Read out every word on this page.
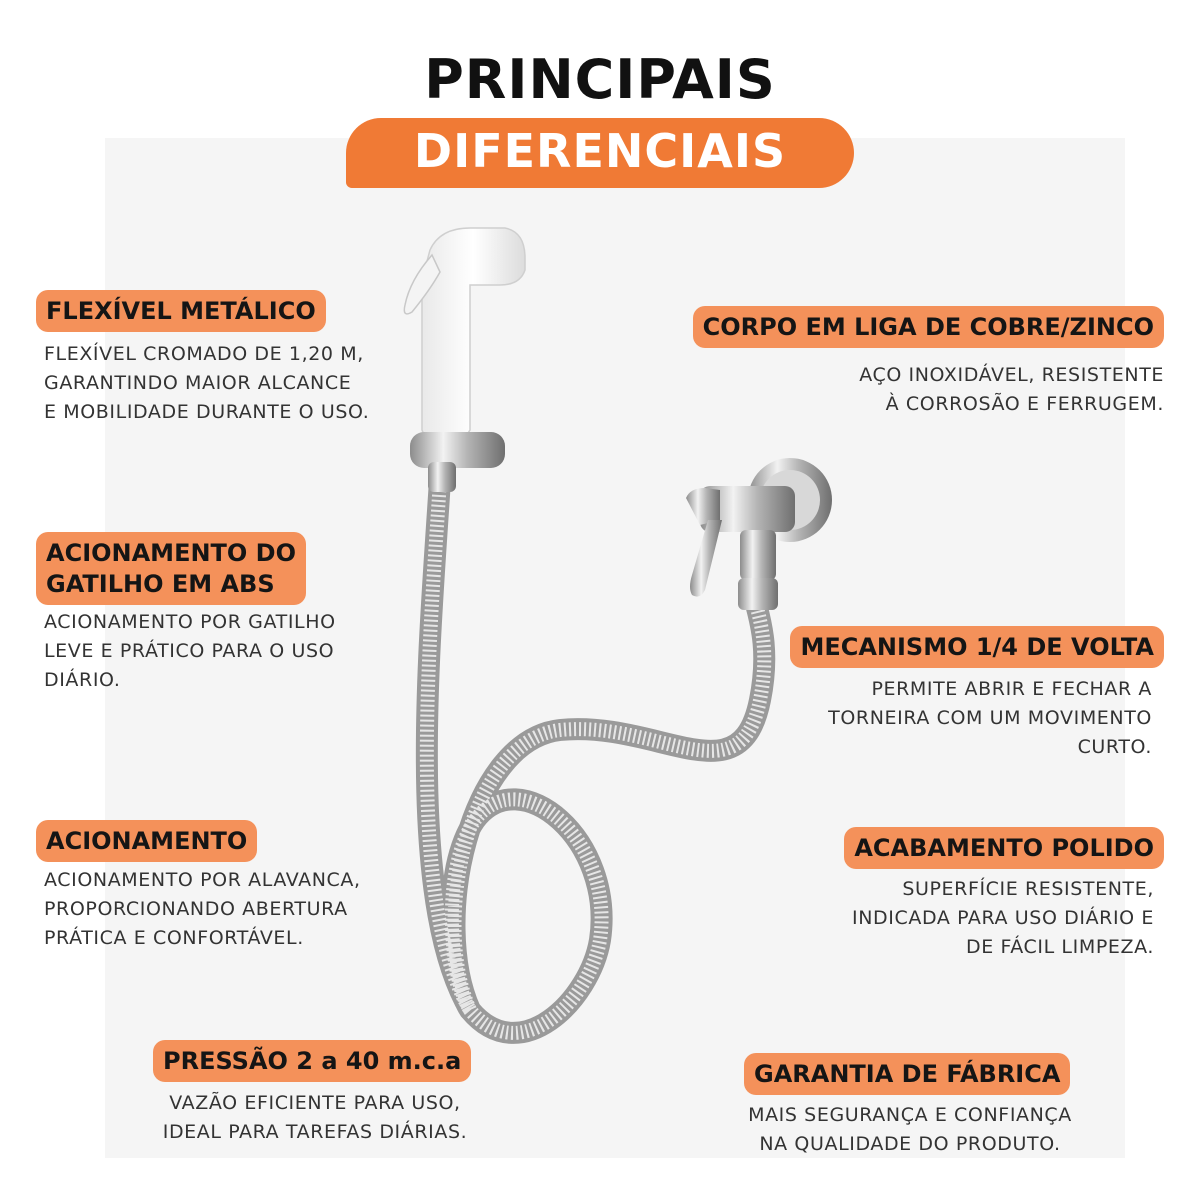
PRINCIPAIS
DIFERENCIAIS
FLEXÍVEL METÁLICO
FLEXÍVEL CROMADO DE 1,20 M,
GARANTINDO MAIOR ALCANCE
E MOBILIDADE DURANTE O USO.
CORPO EM LIGA DE COBRE/ZINCO
AÇO INOXIDÁVEL, RESISTENTE
À CORROSÃO E FERRUGEM.
ACIONAMENTO DO
GATILHO EM ABS
ACIONAMENTO POR GATILHO
LEVE E PRÁTICO PARA O USO
DIÁRIO.
MECANISMO 1/4 DE VOLTA
PERMITE ABRIR E FECHAR A
TORNEIRA COM UM MOVIMENTO
CURTO.
ACIONAMENTO
ACIONAMENTO POR ALAVANCA,
PROPORCIONANDO ABERTURA
PRÁTICA E CONFORTÁVEL.
ACABAMENTO POLIDO
SUPERFÍCIE RESISTENTE,
INDICADA PARA USO DIÁRIO E
DE FÁCIL LIMPEZA.
PRESSÃO 2 a 40 m.c.a
VAZÃO EFICIENTE PARA USO,
IDEAL PARA TAREFAS DIÁRIAS.
GARANTIA DE FÁBRICA
MAIS SEGURANÇA E CONFIANÇA
NA QUALIDADE DO PRODUTO.
